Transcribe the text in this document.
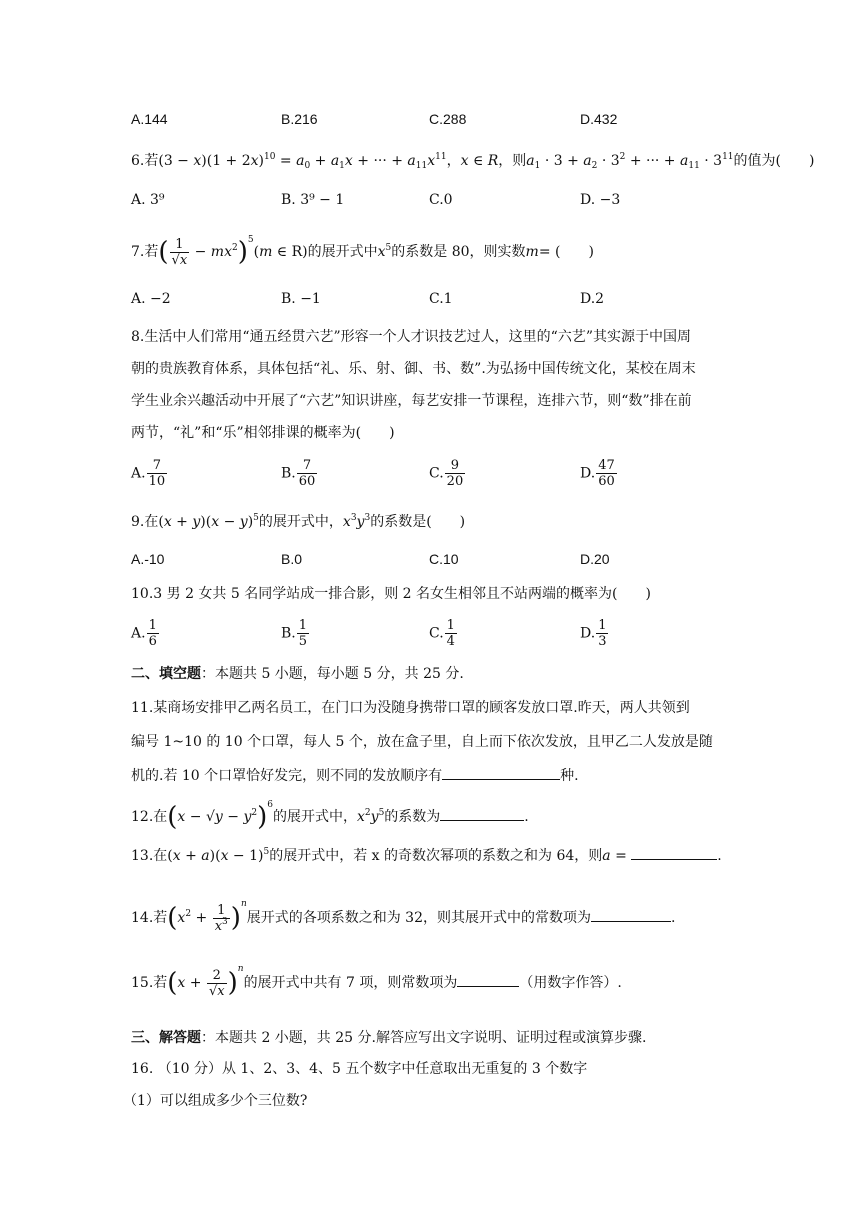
A.144	B.216	C.288	D.432
6.若$(3 - x)(1 + 2x)^{10} = a_0 + a_1x$ + ··· + $a_{11}x^{11}$，x ∈ R，则$a_1 \cdot 3 + a_2 \cdot 3^2$ + ··· + $a_{11} \cdot 3^{11}$的值为(　　)
A. 3⁹	B. 3⁹ − 1	C.0	D. −3
7.若( $\frac{1}{√x} - mx^2)^5(m$ ∈ R)的展开式中$x^5$的系数是 80，则实数m= (　　)
A. −2	B. −1	C.1	D.2
8.生活中人们常用“通五经贯六艺”形容一个人才识技艺过人，这里的“六艺”其实源于中国周
朝的贵族教育体系，具体包括“礼、乐、射、御、书、数”.为弘扬中国传统文化，某校在周末
学生业余兴趣活动中开展了“六艺”知识讲座，每艺安排一节课程，连排六节，则“数”排在前
两节，“礼”和“乐”相邻排课的概率为(　　)
A. $\frac{7}{10}$	B. $\frac{7}{60}$	C. $\frac{9}{20}$	D. $\frac{47}{60}$
9.在$(x + y)(x - y)^5$的展开式中，$x^3y^3$的系数是(　　)
A.-10	B.0	C.10	D.20
10.3 男 2 女共 5 名同学站成一排合影，则 2 名女生相邻且不站两端的概率为(　　)
A. $\frac{1}{6}$	B. $\frac{1}{5}$	C. $\frac{1}{4}$	D. $\frac{1}{3}$
二、填空题：本题共 5 小题，每小题 5 分，共 25 分.
11.某商场安排甲乙两名员工，在门口为没随身携带口罩的顾客发放口罩.昨天，两人共领到
编号 1~10 的 10 个口罩，每人 5 个，放在盒子里，自上而下依次发放，且甲乙二人发放是随
机的.若 10 个口罩恰好发完，则不同的发放顺序有	种.
12.在$(x - √y - y^2)^6$的展开式中，$x^2y^5$的系数为	.
13.在$(x + a)(x - 1)^5$的展开式中，若 x 的奇数次幂项的系数之和为 64，则a =	.
14.若$(x^2 + \frac{1}{x^3} )^n$展开式的各项系数之和为 32，则其展开式中的常数项为	.
15.若$(x + \frac{2}{√x} )^n$的展开式中共有 7 项，则常数项为	（用数字作答）.
三、解答题：本题共 2 小题，共 25 分.解答应写出文字说明、证明过程或演算步骤.
16. （10 分）从 1、2、3、4、5 五个数字中任意取出无重复的 3 个数字
（1）可以组成多少个三位数?
